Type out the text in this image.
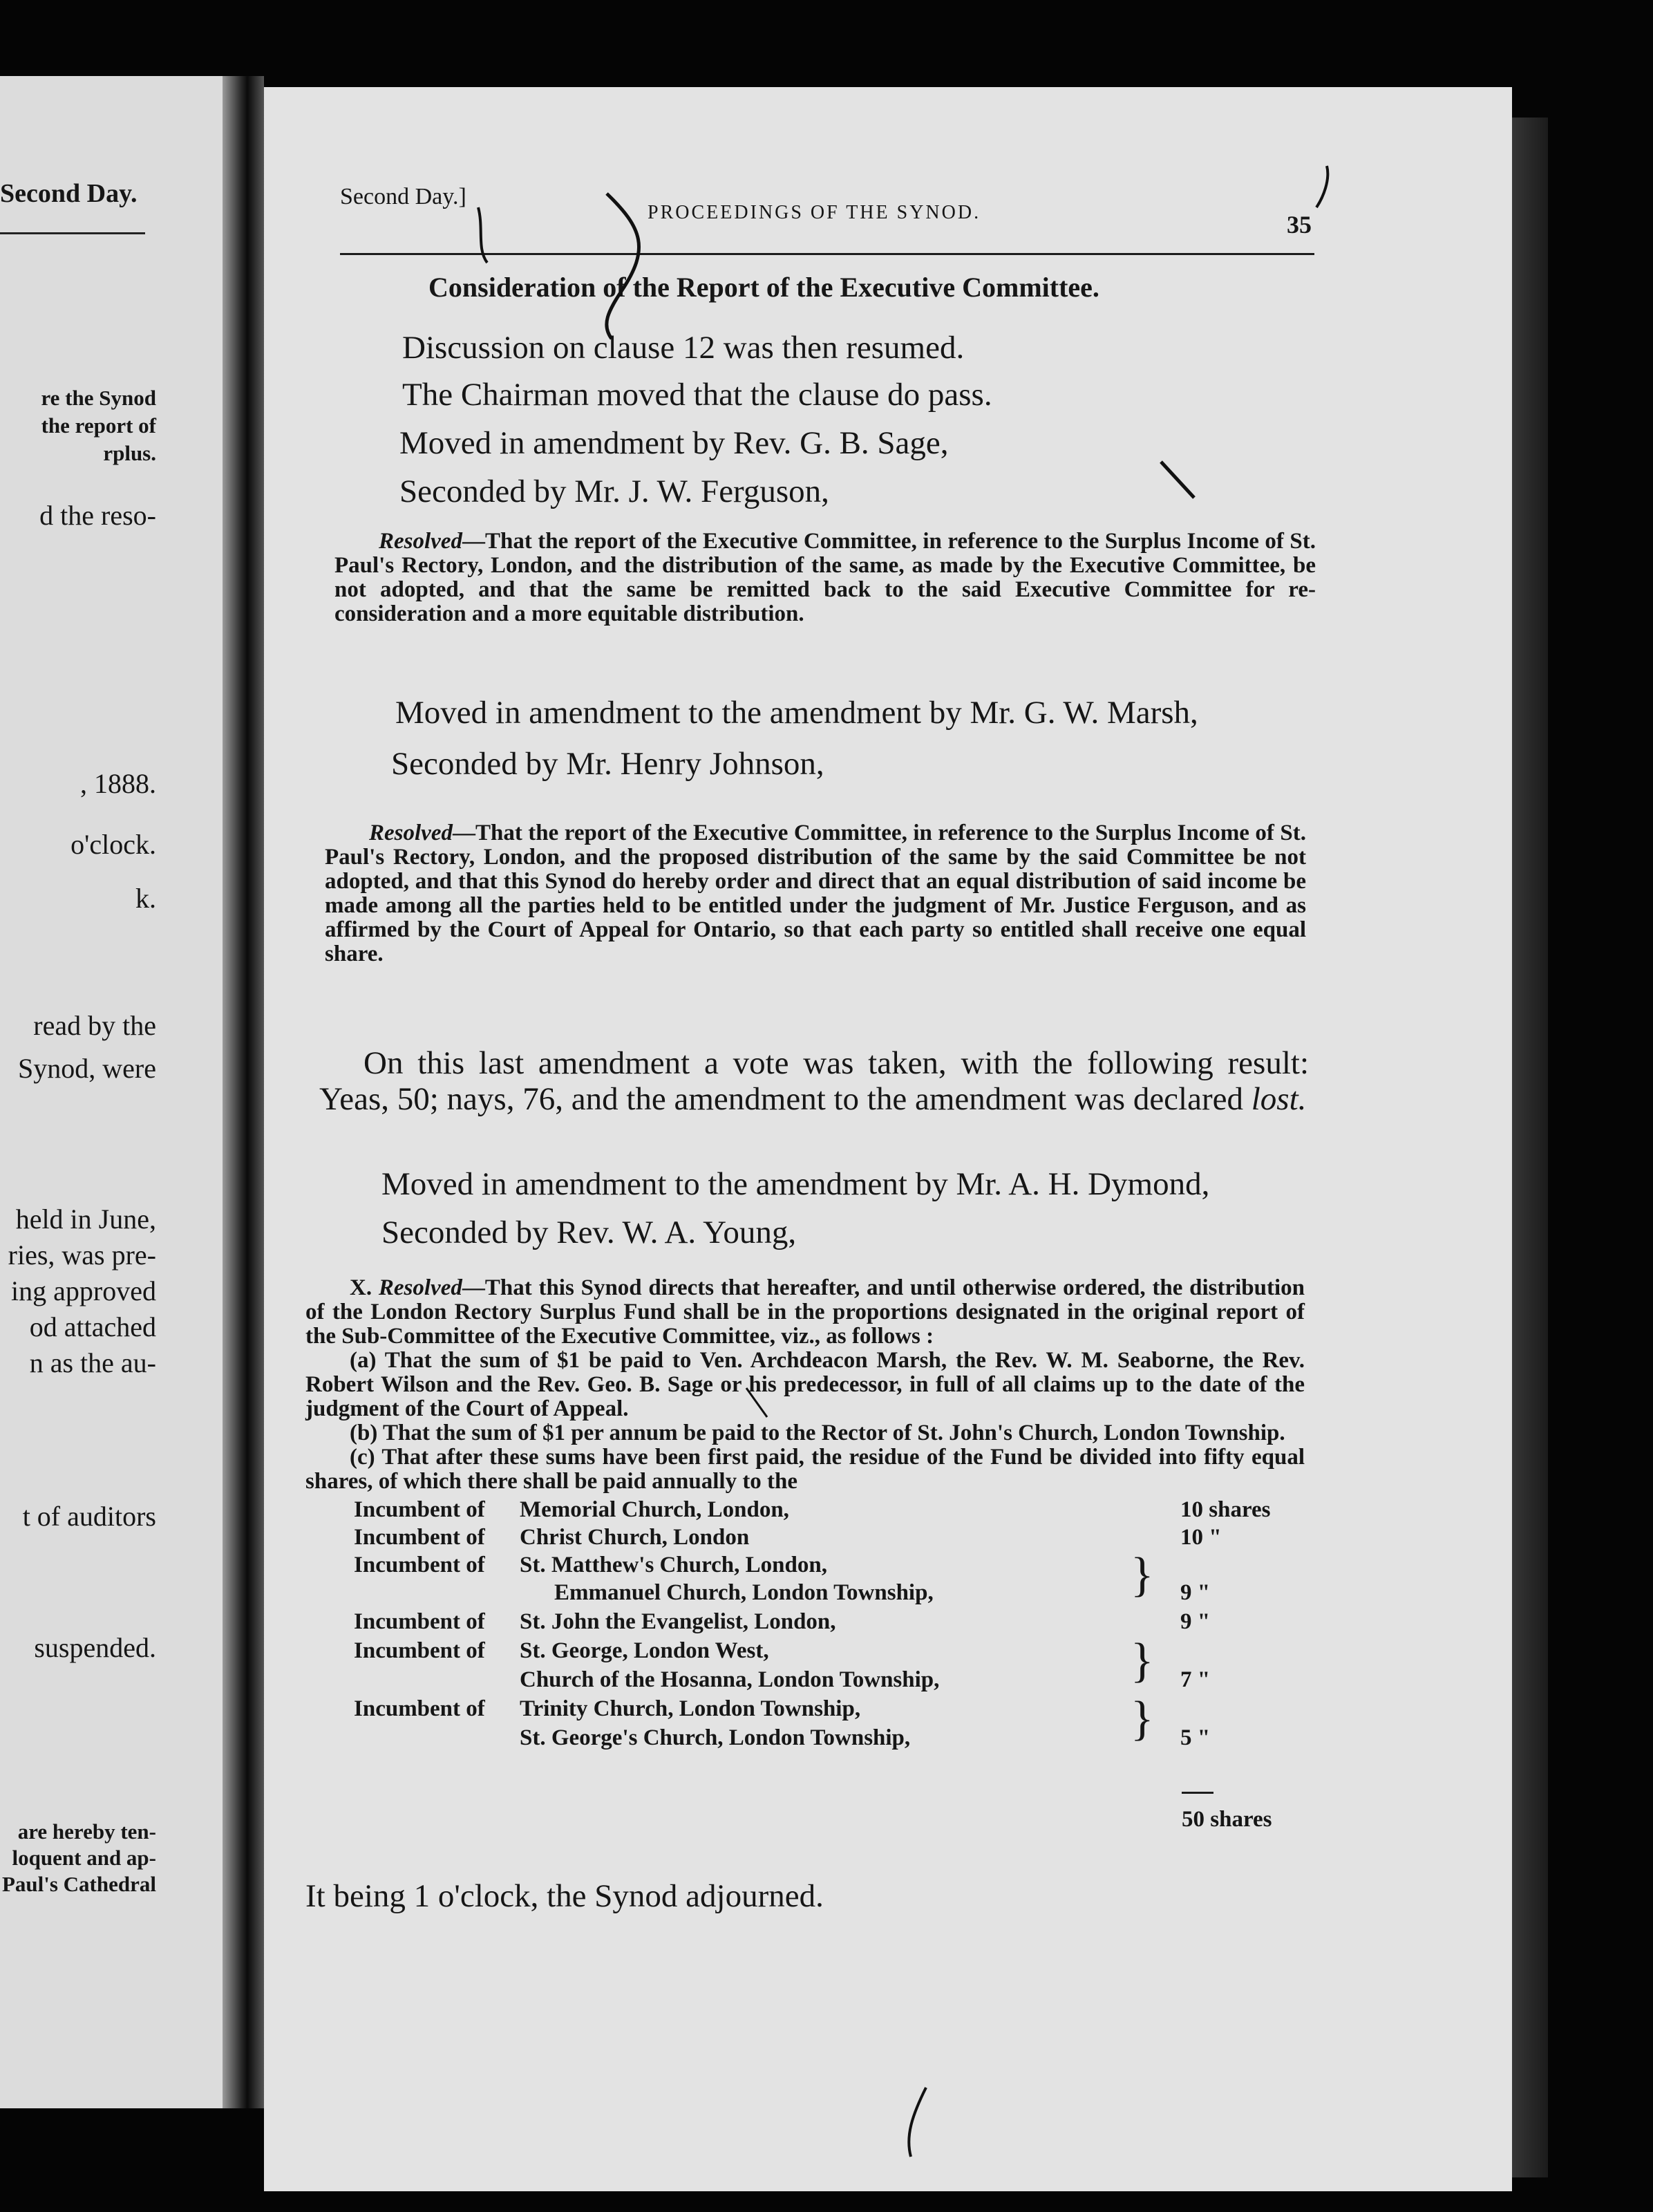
Second Day.
re the Synod
the report of
rplus.
d the reso-
, 1888.
o'clock.
k.
read by the
Synod, were
held in June,
ries, was pre-
ing approved
od attached
n as the au-
t of auditors
suspended.
are hereby ten-
loquent and ap-
Paul's Cathedral
Second Day.]
PROCEEDINGS OF THE SYNOD.	35
Consideration of the Report of the Executive Committee.
Discussion on clause 12 was then resumed.
The Chairman moved that the clause do pass.
Moved in amendment by Rev. G. B. Sage,
Seconded by Mr. J. W. Ferguson,
Resolved—That the report of the Executive Committee, in reference to the Surplus Income of St. Paul's Rectory, London, and the distribution of the same, as made by the Executive Committee, be not adopted, and that the same be remitted back to the said Executive Committee for re-consideration and a more equitable distribution.
Moved in amendment to the amendment by Mr. G. W. Marsh,
Seconded by Mr. Henry Johnson,
Resolved—That the report of the Executive Committee, in reference to the Surplus Income of St. Paul's Rectory, London, and the proposed distribution of the same by the said Committee be not adopted, and that this Synod do hereby order and direct that an equal distribution of said income be made among all the parties held to be entitled under the judgment of Mr. Justice Ferguson, and as affirmed by the Court of Appeal for Ontario, so that each party so entitled shall receive one equal share.
On this last amendment a vote was taken, with the following result: Yeas, 50; nays, 76, and the amendment to the amendment was declared lost.
Moved in amendment to the amendment by Mr. A. H. Dymond,
Seconded by Rev. W. A. Young,
X. Resolved—That this Synod directs that hereafter, and until otherwise ordered, the distribution of the London Rectory Surplus Fund shall be in the proportions designated in the original report of the Sub-Committee of the Executive Committee, viz., as follows :
(a) That the sum of $1 be paid to Ven. Archdeacon Marsh, the Rev. W. M. Seaborne, the Rev. Robert Wilson and the Rev. Geo. B. Sage or his predecessor, in full of all claims up to the date of the judgment of the Court of Appeal.
(b) That the sum of $1 per annum be paid to the Rector of St. John's Church, London Township.
(c) That after these sums have been first paid, the residue of the Fund be divided into fifty equal shares, of which there shall be paid annually to the
Incumbent of Memorial Church, London,	10 shares
Incumbent of Christ Church, London	10 "
Incumbent of St. Matthew's Church, London,
Emmanuel Church, London Township,	9 "
Incumbent of St. John the Evangelist, London,	9 "
Incumbent of St. George, London West,
Church of the Hosanna, London Township,	7 "
Incumbent of Trinity Church, London Township,
St. George's Church, London Township,	5 "
}
}
}
50 shares
It being 1 o'clock, the Synod adjourned.
